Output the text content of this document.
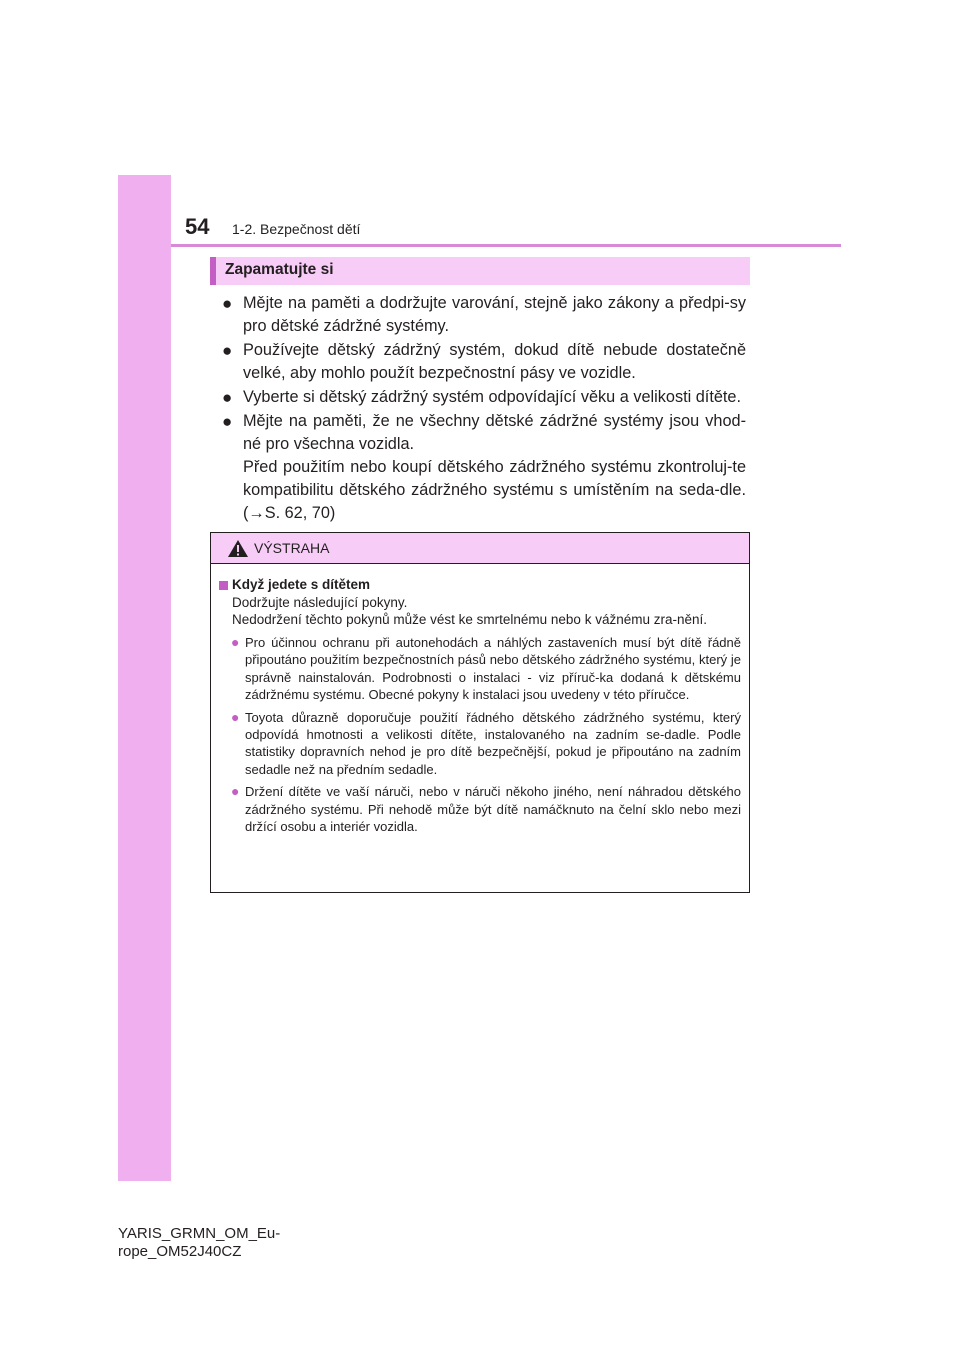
54 1-2. Bezpečnost dětí
Zapamatujte si
● Mějte na paměti a dodržujte varování, stejně jako zákony a předpi-sy pro dětské zádržné systémy.
● Používejte dětský zádržný systém, dokud dítě nebude dostatečně velké, aby mohlo použít bezpečnostní pásy ve vozidle.
● Vyberte si dětský zádržný systém odpovídající věku a velikosti dítěte.
● Mějte na paměti, že ne všechny dětské zádržné systémy jsou vhod-né pro všechna vozidla.
Před použitím nebo koupí dětského zádržného systému zkontroluj-te kompatibilitu dětského zádržného systému s umístěním na seda-dle. (→S. 62, 70)
VÝSTRAHA
Když jedete s dítětem
Dodržujte následující pokyny.
Nedodržení těchto pokynů může vést ke smrtelnému nebo k vážnému zra-nění.
● Pro účinnou ochranu při autonehodách a náhlých zastaveních musí být dítě řádně připoutáno použitím bezpečnostních pásů nebo dětského zádržného systému, který je správně nainstalován. Podrobnosti o instalaci - viz příruč-ka dodaná k dětskému zádržnému systému. Obecné pokyny k instalaci jsou uvedeny v této příručce.
● Toyota důrazně doporučuje použití řádného dětského zádržného systému, který odpovídá hmotnosti a velikosti dítěte, instalovaného na zadním se-dadle. Podle statistiky dopravních nehod je pro dítě bezpečnější, pokud je připoutáno na zadním sedadle než na předním sedadle.
● Držení dítěte ve vaší náruči, nebo v náruči někoho jiného, není náhradou dětského zádržného systému. Při nehodě může být dítě namáčknuto na čelní sklo nebo mezi držící osobu a interiér vozidla.
YARIS_GRMN_OM_Eu-
rope_OM52J40CZ
